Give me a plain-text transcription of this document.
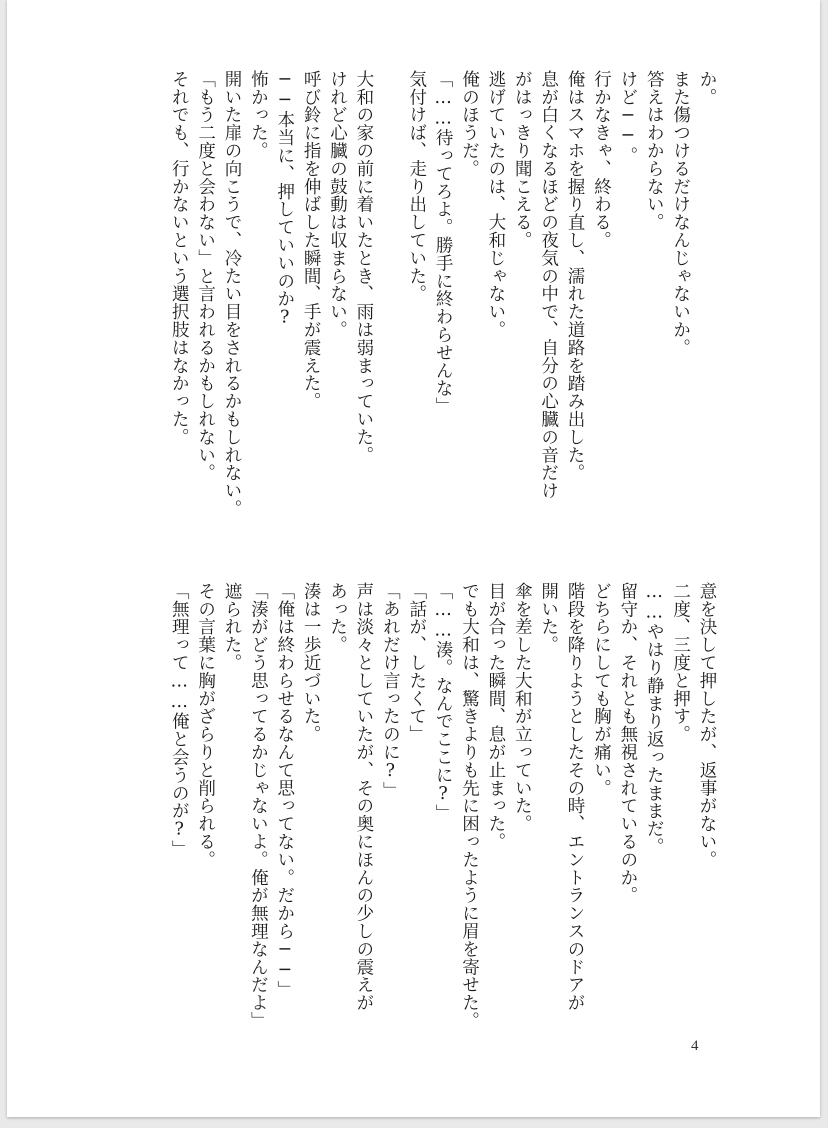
か。
また傷つけるだけなんじゃないか。
答えはわからない。
けど──。
行かなきゃ、終わる。
俺はスマホを握り直し、濡れた道路を踏み出した。
息が白くなるほどの夜気の中で、自分の心臓の音だけ
がはっきり聞こえる。
逃げていたのは、大和じゃない。
俺のほうだ。
「……待ってろよ。勝手に終わらせんな」
気付けば、走り出していた。
大和の家の前に着いたとき、雨は弱まっていた。
けれど心臓の鼓動は収まらない。
呼び鈴に指を伸ばした瞬間、手が震えた。
──本当に、押していいのか?
怖かった。
開いた扉の向こうで、冷たい目をされるかもしれない。
「もう二度と会わない」と言われるかもしれない。
それでも、行かないという選択肢はなかった。
意を決して押したが、返事がない。
二度、三度と押す。
……やはり静まり返ったままだ。
留守か、それとも無視されているのか。
どちらにしても胸が痛い。
階段を降りようとしたその時、エントランスのドアが
開いた。
傘を差した大和が立っていた。
目が合った瞬間、息が止まった。
でも大和は、驚きよりも先に困ったように眉を寄せた。
「……湊。なんでここに?」
「話が、したくて」
「あれだけ言ったのに?」
声は淡々としていたが、その奥にほんの少しの震えが
あった。
湊は一歩近づいた。
「俺は終わらせるなんて思ってない。だから──」
「湊がどう思ってるかじゃないよ。俺が無理なんだよ」
遮られた。
その言葉に胸がざらりと削られる。
「無理って……俺と会うのが?」
4
